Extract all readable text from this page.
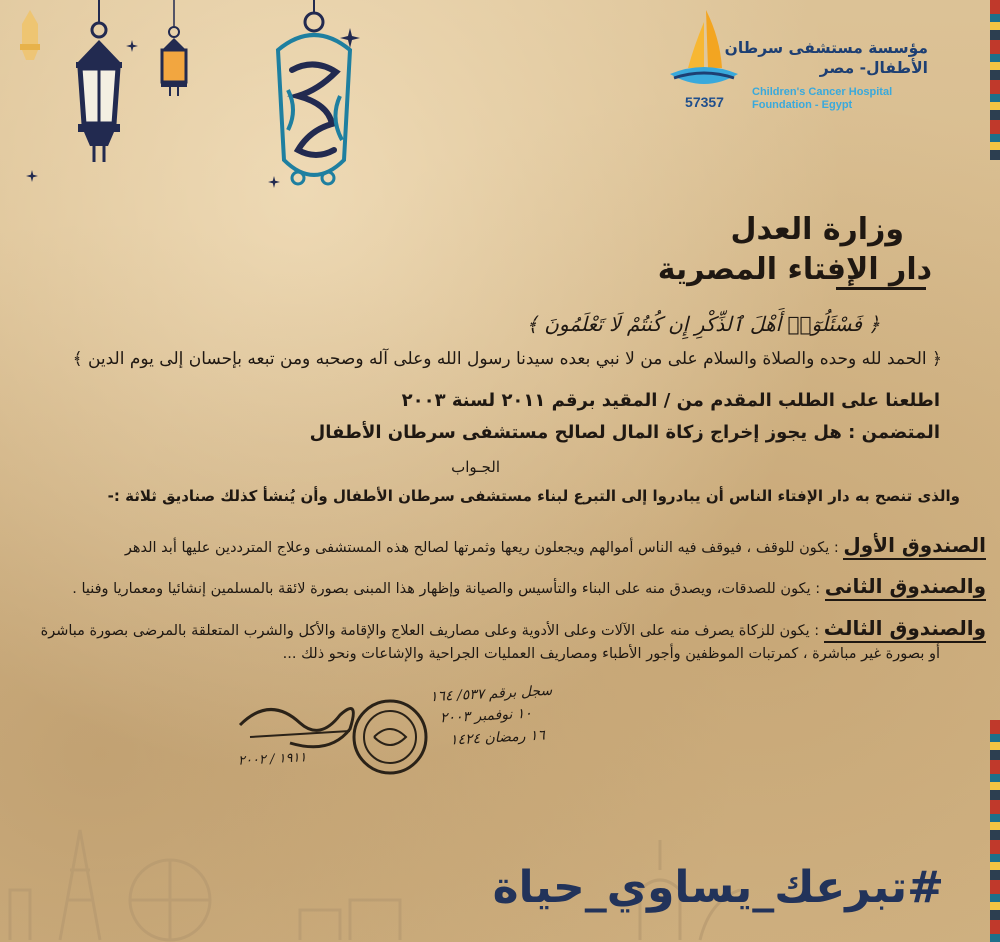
57357
مؤسسة مستشفى سرطان
الأطفال- مصر
Children's Cancer Hospital
Foundation - Egypt
وزارة العدل
دار الإفتاء المصرية
﴿ فَسْئَلُوٓا۟ أَهْلَ ٱلذِّكْرِ إِن كُنتُمْ لَا تَعْلَمُونَ ﴾
﴿ الحمد لله وحده والصلاة والسلام على من لا نبي بعده سيدنا رسول الله وعلى آله وصحبه ومن تبعه بإحسان إلى يوم الدين ﴾
اطلعنا على الطلب المقدم من / المقيد برقم ٢٠١١ لسنة ٢٠٠٣
المتضمن : هل يجوز إخراج زكاة المال لصالح مستشفى سرطان الأطفال
الجـواب
والذى تنصح به دار الإفتاء الناس أن يبادروا إلى التبرع لبناء مستشفى سرطان الأطفال وأن يُنشأ كذلك صناديق ثلاثة :-
الصندوق الأول : يكون للوقف ، فيوقف فيه الناس أموالهم ويجعلون ريعها وثمرتها لصالح هذه المستشفى وعلاج المترددين عليها أبد الدهر
والصندوق الثانى : يكون للصدقات، ويصدق منه على البناء والتأسيس والصيانة وإظهار هذا المبنى بصورة لائقة بالمسلمين إنشائيا ومعماريا وفنيا .
والصندوق الثالث : يكون للزكاة يصرف منه على الآلات وعلى الأدوية وعلى مصاريف العلاج والإقامة والأكل والشرب المتعلقة بالمرضى بصورة مباشرة
أو بصورة غير مباشرة ، كمرتبات الموظفين وأجور الأطباء ومصاريف العمليات الجراحية والإشاعات ونحو ذلك ...
سجل برقم ٥٣٧/ ١٦٤
١٠ نوفمبر ٢٠٠٣
١٦ رمضان ١٤٢٤
١٩١١ / ٢٠٠٢
#تبرعك_يساوي_حياة
